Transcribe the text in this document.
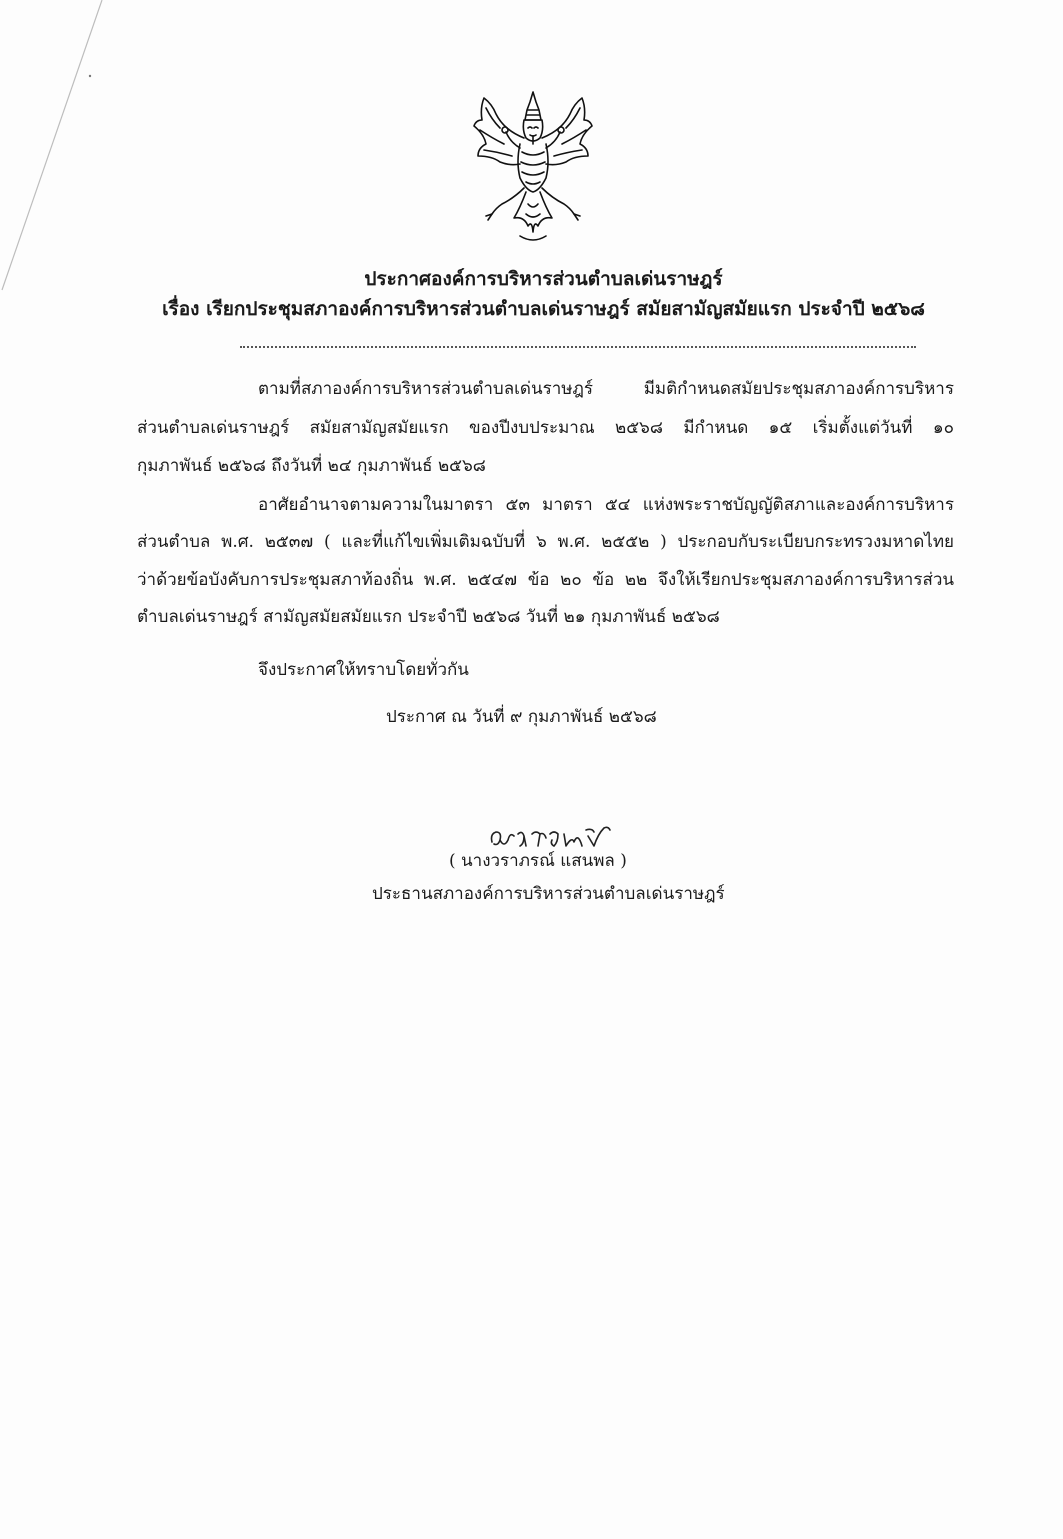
ประกาศองค์การบริหารส่วนตำบลเด่นราษฎร์
เรื่อง เรียกประชุมสภาองค์การบริหารส่วนตำบลเด่นราษฎร์ สมัยสามัญสมัยแรก ประจำปี ๒๕๖๘
ตามที่สภาองค์การบริหารส่วนตำบลเด่นราษฎร์ มีมติกำหนดสมัยประชุมสภาองค์การบริหาร
ส่วนตำบลเด่นราษฎร์ สมัยสามัญสมัยแรก ของปีงบประมาณ ๒๕๖๘ มีกำหนด ๑๕ เริ่มตั้งแต่วันที่ ๑๐
กุมภาพันธ์ ๒๕๖๘ ถึงวันที่ ๒๔ กุมภาพันธ์ ๒๕๖๘
อาศัยอำนาจตามความในมาตรา ๕๓ มาตรา ๕๔ แห่งพระราชบัญญัติสภาและองค์การบริหาร
ส่วนตำบล พ.ศ. ๒๕๓๗ ( และที่แก้ไขเพิ่มเติมฉบับที่ ๖ พ.ศ. ๒๕๕๒ ) ประกอบกับระเบียบกระทรวงมหาดไทย
ว่าด้วยข้อบังคับการประชุมสภาท้องถิ่น พ.ศ. ๒๕๔๗ ข้อ ๒๐ ข้อ ๒๒ จึงให้เรียกประชุมสภาองค์การบริหารส่วน
ตำบลเด่นราษฎร์ สามัญสมัยสมัยแรก ประจำปี ๒๕๖๘ วันที่ ๒๑ กุมภาพันธ์ ๒๕๖๘
จึงประกาศให้ทราบโดยทั่วกัน
ประกาศ ณ วันที่ ๙ กุมภาพันธ์ ๒๕๖๘
( นางวราภรณ์ แสนพล )
ประธานสภาองค์การบริหารส่วนตำบลเด่นราษฎร์
